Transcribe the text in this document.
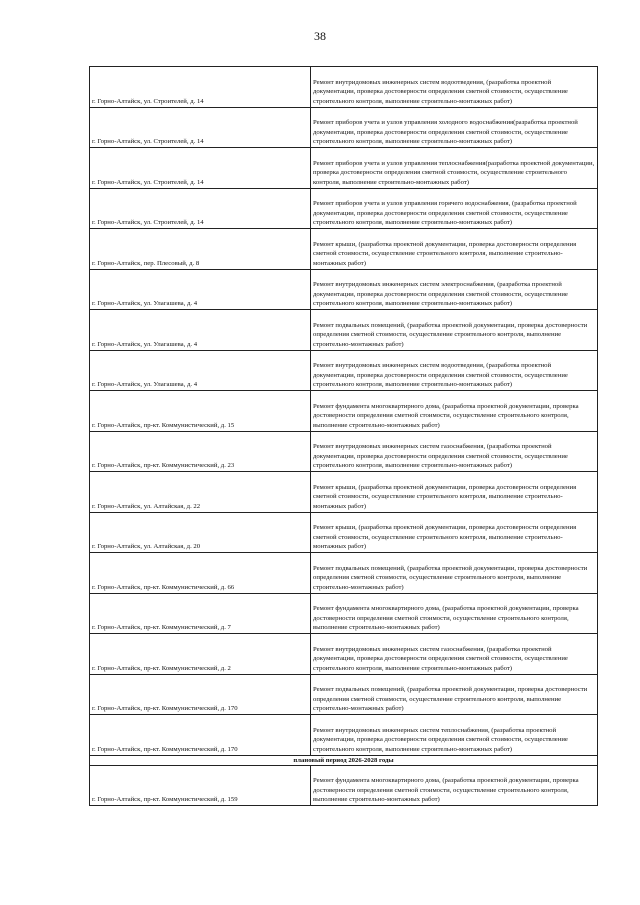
38
г. Горно-Алтайск, ул. Строителей, д. 14	Ремонт внутридомовых инженерных систем водоотведения, (разработка проектной документации, проверка достоверности определения сметной стоимости, осуществление строительного контроля, выполнение строительно-монтажных работ)
г. Горно-Алтайск, ул. Строителей, д. 14	Ремонт приборов учета и узлов управления холодного водоснабжения(разработка проектной документации, проверка достоверности определения сметной стоимости, осуществление строительного контроля, выполнение строительно-монтажных работ)
г. Горно-Алтайск, ул. Строителей, д. 14	Ремонт приборов учета и узлов управления теплоснабжения(разработка проектной документации, проверка достоверности определения сметной стоимости, осуществление строительного контроля, выполнение строительно-монтажных работ)
г. Горно-Алтайск, ул. Строителей, д. 14	Ремонт приборов учета и узлов управления горячего водоснабжения, (разработка проектной документации, проверка достоверности определения сметной стоимости, осуществление строительного контроля, выполнение строительно-монтажных работ)
г. Горно-Алтайск, пер. Плесовый, д. 8	Ремонт крыши, (разработка проектной документации, проверка достоверности определения сметной стоимости, осуществление строительного контроля, выполнение строительно-монтажных работ)
г. Горно-Алтайск, ул. Улагашева, д. 4	Ремонт внутридомовых инженерных систем электроснабжения, (разработка проектной документации, проверка достоверности определения сметной стоимости, осуществление строительного контроля, выполнение строительно-монтажных работ)
г. Горно-Алтайск, ул. Улагашева, д. 4	Ремонт подвальных помещений, (разработка проектной документации, проверка достоверности определения сметной стоимости, осуществление строительного контроля, выполнение строительно-монтажных работ)
г. Горно-Алтайск, ул. Улагашева, д. 4	Ремонт внутридомовых инженерных систем водоотведения, (разработка проектной документации, проверка достоверности определения сметной стоимости, осуществление строительного контроля, выполнение строительно-монтажных работ)
г. Горно-Алтайск, пр-кт. Коммунистический, д. 15	Ремонт фундамента многоквартирного дома, (разработка проектной документации, проверка достоверности определения сметной стоимости, осуществление строительного контроля, выполнение строительно-монтажных работ)
г. Горно-Алтайск, пр-кт. Коммунистический, д. 23	Ремонт внутридомовых инженерных систем газоснабжения, (разработка проектной документации, проверка достоверности определения сметной стоимости, осуществление строительного контроля, выполнение строительно-монтажных работ)
г. Горно-Алтайск, ул. Алтайская, д. 22	Ремонт крыши, (разработка проектной документации, проверка достоверности определения сметной стоимости, осуществление строительного контроля, выполнение строительно-монтажных работ)
г. Горно-Алтайск, ул. Алтайская, д. 20	Ремонт крыши, (разработка проектной документации, проверка достоверности определения сметной стоимости, осуществление строительного контроля, выполнение строительно-монтажных работ)
г. Горно-Алтайск, пр-кт. Коммунистический, д. 66	Ремонт подвальных помещений, (разработка проектной документации, проверка достоверности определения сметной стоимости, осуществление строительного контроля, выполнение строительно-монтажных работ)
г. Горно-Алтайск, пр-кт. Коммунистический, д. 7	Ремонт фундамента многоквартирного дома, (разработка проектной документации, проверка достоверности определения сметной стоимости, осуществление строительного контроля, выполнение строительно-монтажных работ)
г. Горно-Алтайск, пр-кт. Коммунистический, д. 2	Ремонт внутридомовых инженерных систем газоснабжения, (разработка проектной документации, проверка достоверности определения сметной стоимости, осуществление строительного контроля, выполнение строительно-монтажных работ)
г. Горно-Алтайск, пр-кт. Коммунистический, д. 170	Ремонт подвальных помещений, (разработка проектной документации, проверка достоверности определения сметной стоимости, осуществление строительного контроля, выполнение строительно-монтажных работ)
г. Горно-Алтайск, пр-кт. Коммунистический, д. 170	Ремонт внутридомовых инженерных систем теплоснабжения, (разработка проектной документации, проверка достоверности определения сметной стоимости, осуществление строительного контроля, выполнение строительно-монтажных работ)
плановый период 2026-2028 годы	
г. Горно-Алтайск, пр-кт. Коммунистический, д. 159	Ремонт фундамента многоквартирного дома, (разработка проектной документации, проверка достоверности определения сметной стоимости, осуществление строительного контроля, выполнение строительно-монтажных работ)
